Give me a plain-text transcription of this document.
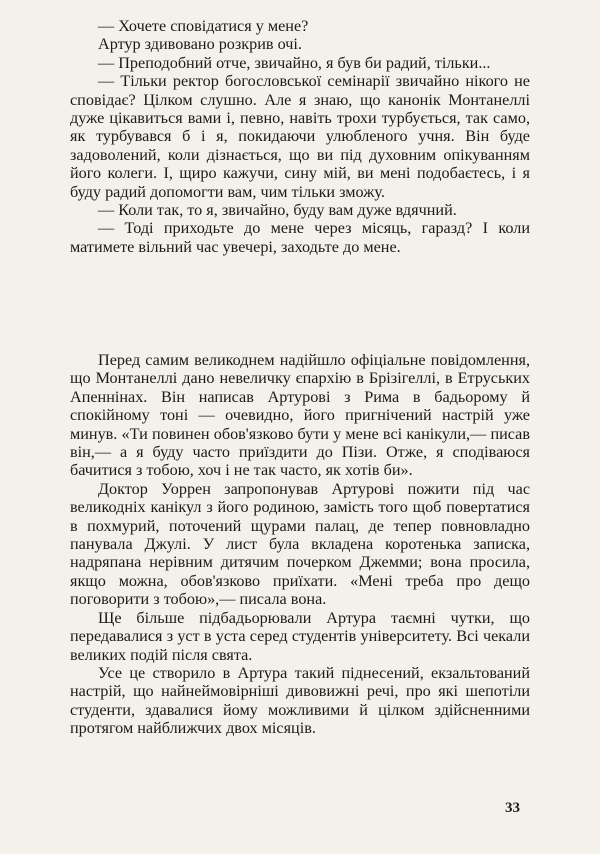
— Хочете сповідатися у мене?

Артур здивовано розкрив очі.

— Преподобний отче, звичайно, я був би радий, тільки...

— Тільки ректор богословської семінарії звичайно нікого не сповідає? Цілком слушно. Але я знаю, що канонік Монтанеллі дуже цікавиться вами і, певно, навіть трохи турбується, так само, як турбувався б і я, покидаючи улюбленого учня. Він буде задоволений, коли дізнається, що ви під духовним опікуванням його колеги. І, щиро кажучи, сину мій, ви мені подобаєтесь, і я буду радий допомогти вам, чим тільки зможу.

— Коли так, то я, звичайно, буду вам дуже вдячний.

— Тоді приходьте до мене через місяць, гаразд? І коли матимете вільний час увечері, заходьте до мене.

Перед самим великоднем надійшло офіціальне повідомлення, що Монтанеллі дано невеличку єпархію в Брізігеллі, в Етруських Апеннінах. Він написав Артурові з Рима в бадьорому й спокійному тоні — очевидно, його пригнічений настрій уже минув. «Ти повинен обов'язково бути у мене всі канікули,— писав він,— а я буду часто приїздити до Пізи. Отже, я сподіваюся бачитися з тобою, хоч і не так часто, як хотів би».

Доктор Уоррен запропонував Артурові пожити під час великодніх канікул з його родиною, замість того щоб повертатися в похмурий, поточений щурами палац, де тепер повновладно панувала Джулі. У лист була вкладена коротенька записка, надряпана нерівним дитячим почерком Джемми; вона просила, якщо можна, обов'язково приїхати. «Мені треба про дещо поговорити з тобою»,— писала вона.

Ще більше підбадьорювали Артура таємні чутки, що передавалися з уст в уста серед студентів університету. Всі чекали великих подій після свята.

Усе це створило в Артура такий піднесений, екзальтований настрій, що найнеймовірніші дивовижні речі, про які шепотіли студенти, здавалися йому можливими й цілком здійсненними протягом найближчих двох місяців.

33
